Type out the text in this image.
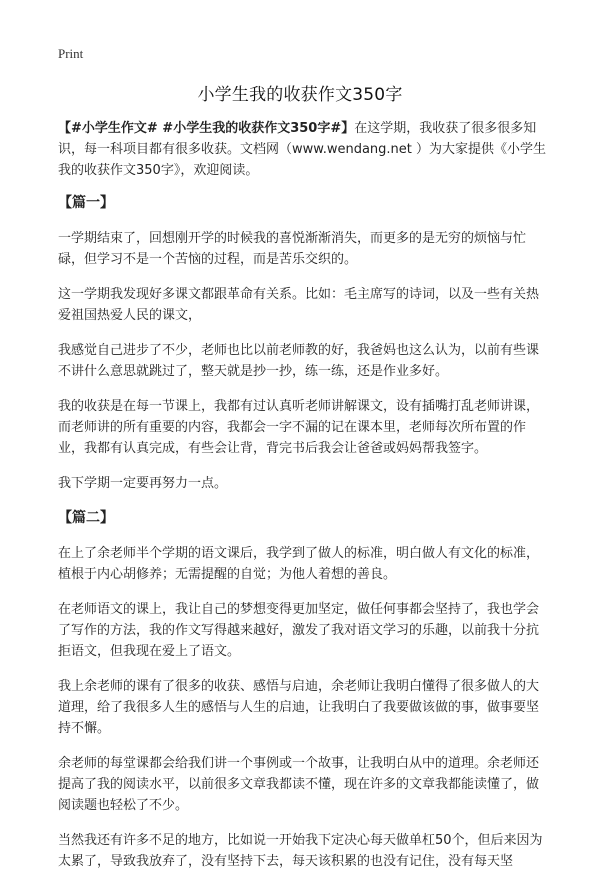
Print
小学生我的收获作文350字

【#小学生作文# #小学生我的收获作文350字#】在这学期，我收获了很多很多知识，每一科项目都有很多收获。文档网（www.wendang.net ）为大家提供《小学生我的收获作文350字》，欢迎阅读。

【篇一】

一学期结束了，回想刚开学的时候我的喜悦渐渐消失，而更多的是无穷的烦恼与忙碌，但学习不是一个苦恼的过程，而是苦乐交织的。

这一学期我发现好多课文都跟革命有关系。比如：毛主席写的诗词，以及一些有关热爱祖国热爱人民的课文，

我感觉自己进步了不少，老师也比以前老师教的好，我爸妈也这么认为，以前有些课不讲什么意思就跳过了，整天就是抄一抄，练一练，还是作业多好。

我的收获是在每一节课上，我都有过认真听老师讲解课文，设有插嘴打乱老师讲课，而老师讲的所有重要的内容，我都会一字不漏的记在课本里，老师每次所布置的作业，我都有认真完成，有些会让背，背完书后我会让爸爸或妈妈帮我签字。

我下学期一定要再努力一点。

【篇二】

在上了余老师半个学期的语文课后，我学到了做人的标准，明白做人有文化的标准，植根于内心胡修养；无需提醒的自觉；为他人着想的善良。

在老师语文的课上，我让自己的梦想变得更加坚定，做任何事都会坚持了，我也学会了写作的方法，我的作文写得越来越好，激发了我对语文学习的乐趣，以前我十分抗拒语文，但我现在爱上了语文。

我上余老师的课有了很多的收获、感悟与启迪，余老师让我明白懂得了很多做人的大道理，给了我很多人生的感悟与人生的启迪，让我明白了我要做该做的事，做事要坚持不懈。

余老师的每堂课都会给我们讲一个事例或一个故事，让我明白从中的道理。余老师还提高了我的阅读水平，以前很多文章我都读不懂，现在许多的文章我都能读懂了，做阅读题也轻松了不少。

当然我还有许多不足的地方，比如说一开始我下定决心每天做单杠50个，但后来因为太累了，导致我放弃了，没有坚持下去，每天该积累的也没有记住，没有每天坚
